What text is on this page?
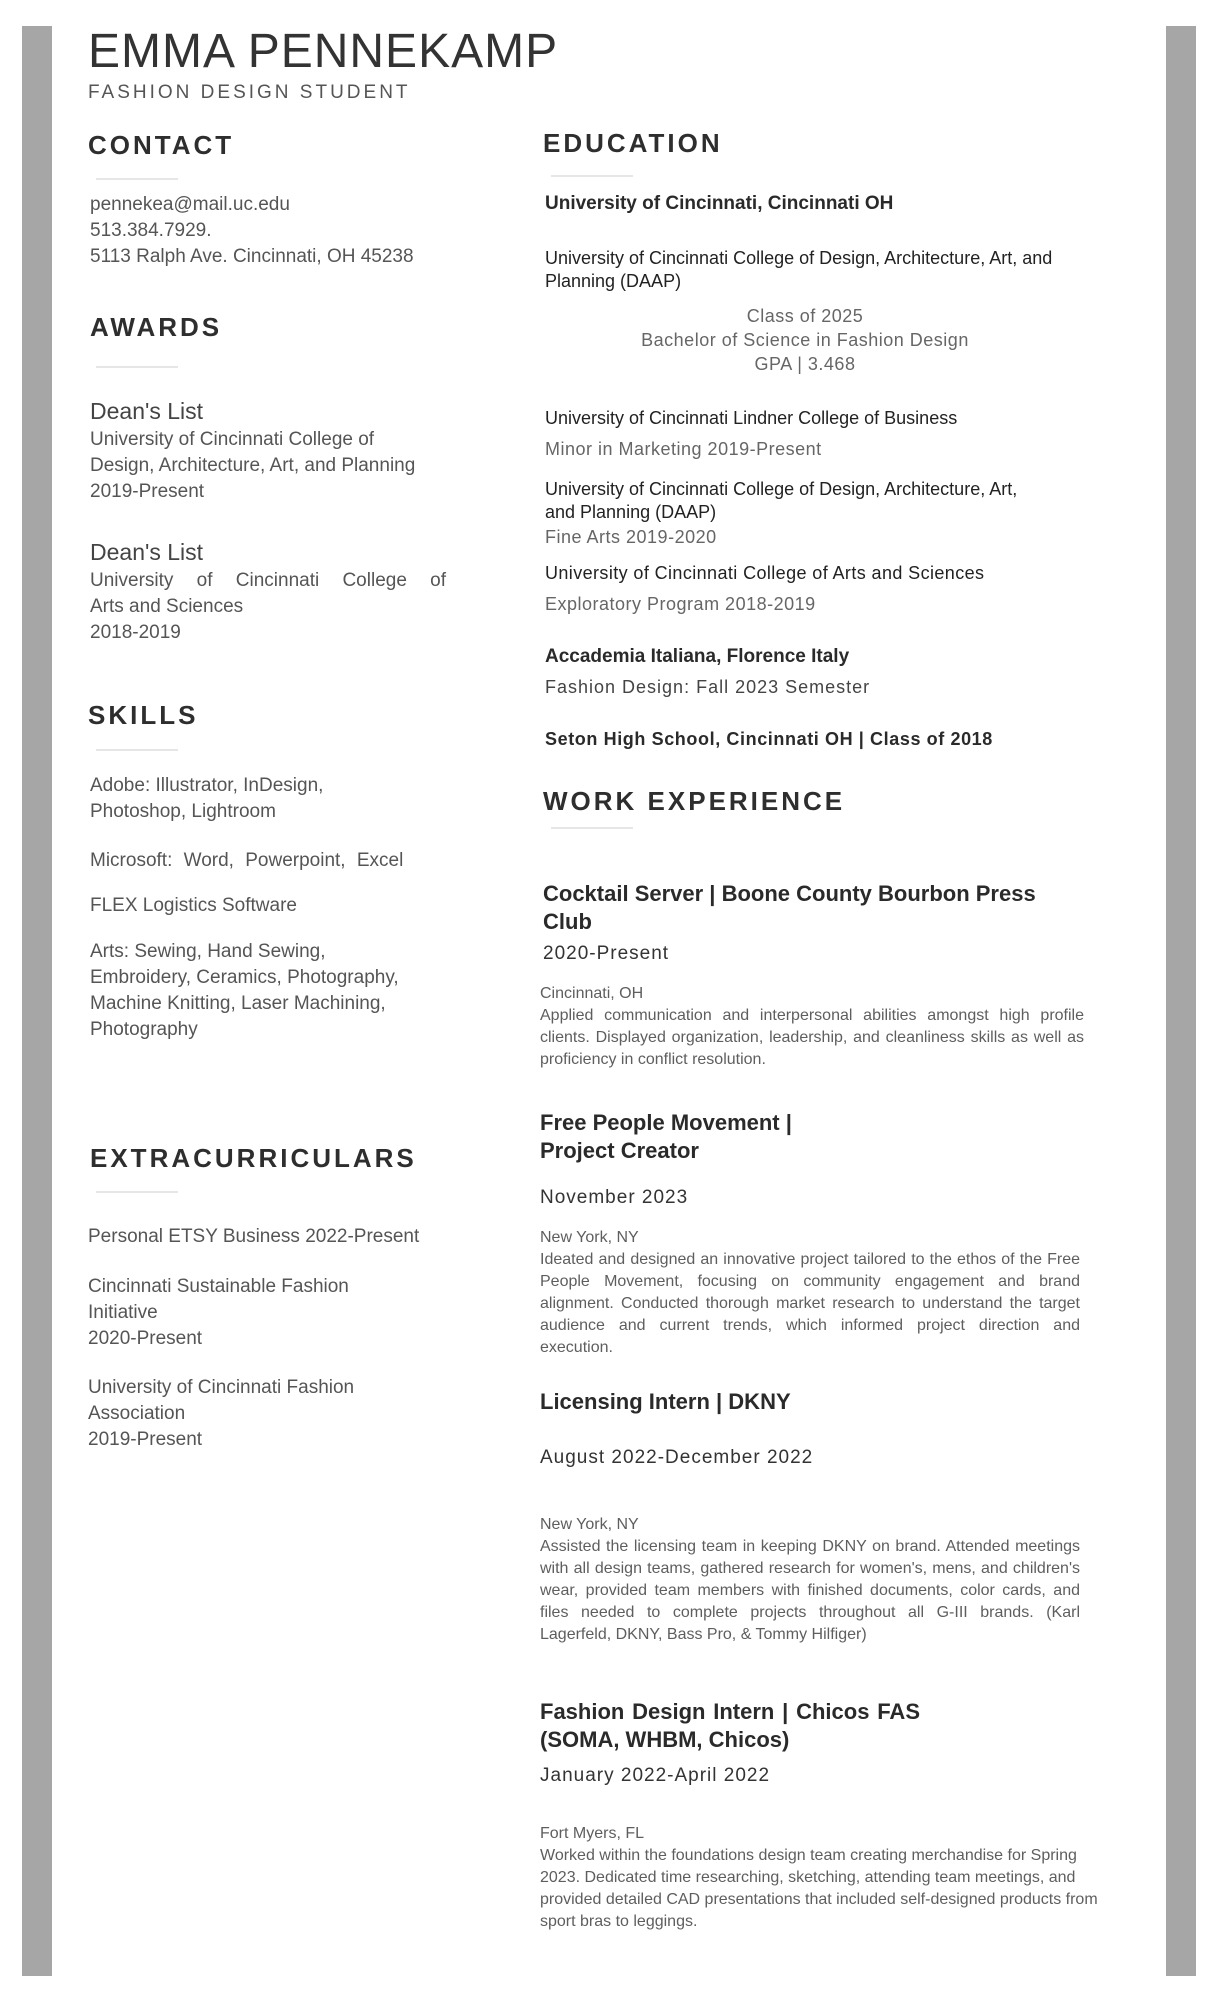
EMMA PENNEKAMP
FASHION DESIGN STUDENT
CONTACT

pennekea@mail.uc.edu

513.384.7929.

5113 Ralph Ave. Cincinnati, OH 45238

AWARDS
Dean's List

University of Cincinnati College of

Design, Architecture, Art, and Planning

2019-Present

Dean's List

University of Cincinnati College of

Arts and Sciences

2018-2019

SKILLS
Adobe: Illustrator, InDesign, Photoshop, Lightroom
Microsoft: Word, Powerpoint, Excel
FLEX Logistics Software
Arts: Sewing, Hand Sewing, Embroidery, Ceramics, Photography, Machine Knitting, Laser Machining, Photography
EXTRACURRICULARS
Personal ETSY Business 2022-Present

Cincinnati Sustainable Fashion Initiative

2020-Present

University of Cincinnati Fashion Association

2019-Present

EDUCATION
University of Cincinnati, Cincinnati OH
University of Cincinnati College of Design, Architecture, Art, and Planning (DAAP)
Class of 2025
Bachelor of Science in Fashion Design
GPA | 3.468
University of Cincinnati Lindner College of Business
Minor in Marketing 2019-Present
University of Cincinnati College of Design, Architecture, Art, and Planning (DAAP)
Fine Arts 2019-2020
University of Cincinnati College of Arts and Sciences
Exploratory Program 2018-2019
Accademia Italiana, Florence Italy
Fashion Design: Fall 2023 Semester
Seton High School, Cincinnati OH | Class of 2018
WORK EXPERIENCE
Cocktail Server | Boone County Bourbon Press Club
2020-Present
Cincinnati, OH
Applied communication and interpersonal abilities amongst high profile clients. Displayed organization, leadership, and cleanliness skills as well as proficiency in conflict resolution.
Free People Movement | Project Creator
November 2023
New York, NY
Ideated and designed an innovative project tailored to the ethos of the Free People Movement, focusing on community engagement and brand alignment. Conducted thorough market research to understand the target audience and current trends, which informed project direction and execution.
Licensing Intern | DKNY
August 2022-December 2022
New York, NY
Assisted the licensing team in keeping DKNY on brand. Attended meetings with all design teams, gathered research for women's, mens, and children's wear, provided team members with finished documents, color cards, and files needed to complete projects throughout all G-III brands. (Karl Lagerfeld, DKNY, Bass Pro, & Tommy Hilfiger)
Fashion Design Intern | Chicos FAS (SOMA, WHBM, Chicos)
January 2022-April 2022
Fort Myers, FL
Worked within the foundations design team creating merchandise for Spring 2023. Dedicated time researching, sketching, attending team meetings, and provided detailed CAD presentations that included self-designed products from sport bras to leggings.
